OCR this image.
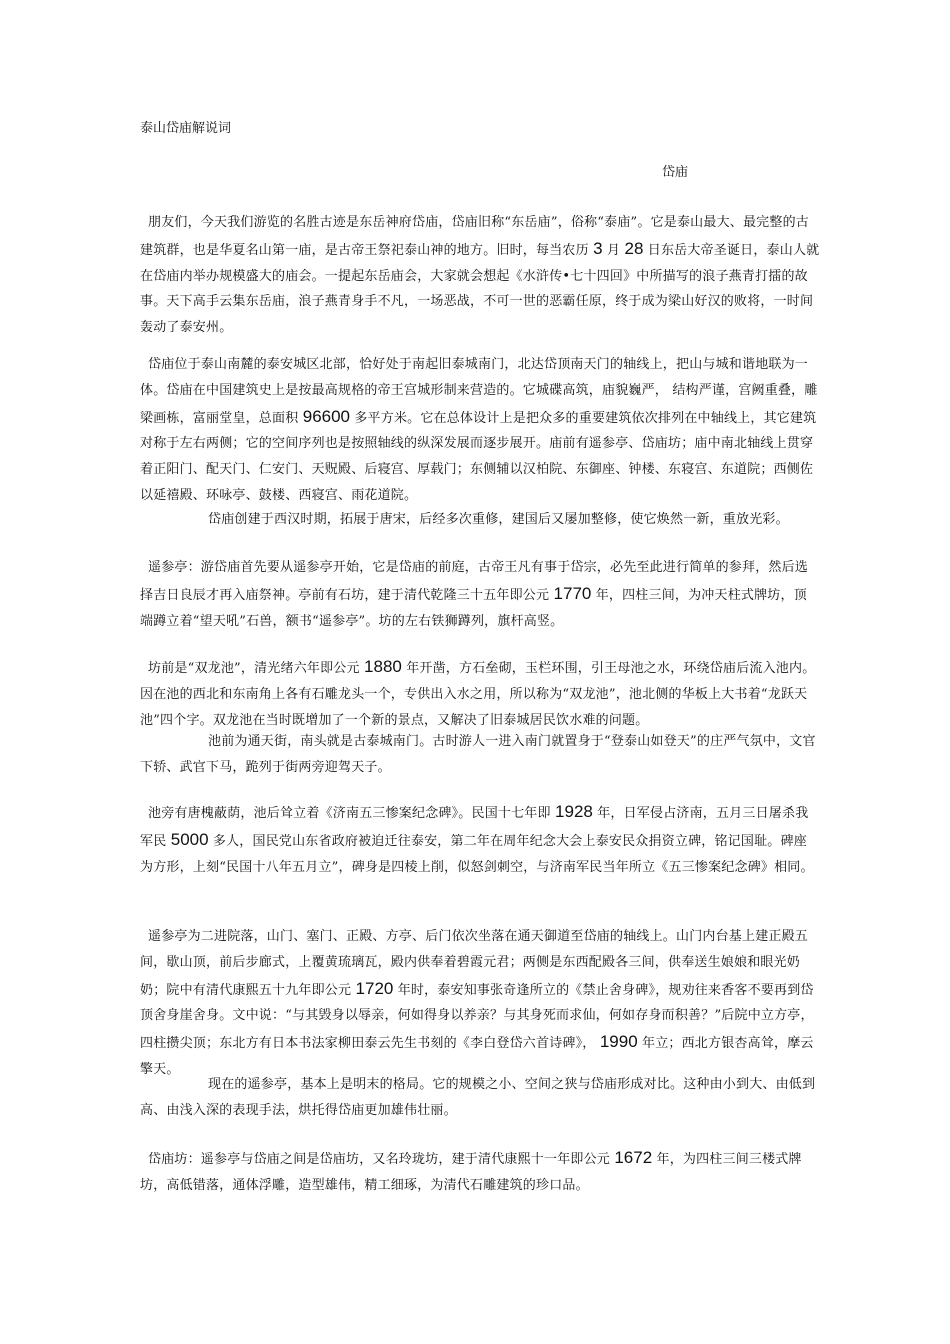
泰山岱庙解说词
岱庙

朋友们，今天我们游览的名胜古迹是东岳神府岱庙，岱庙旧称“东岳庙”，俗称“泰庙”。它是泰山最大、最完整的古建筑群，也是华夏名山第一庙，是古帝王祭祀泰山神的地方。旧时，每当农历 3 月 28 日东岳大帝圣诞日，泰山人就在岱庙内举办规模盛大的庙会。一提起东岳庙会，大家就会想起《水浒传•七十四回》中所描写的浪子燕青打擂的故事。天下高手云集东岳庙，浪子燕青身手不凡，一场恶战，不可一世的恶霸任原，终于成为梁山好汉的败将，一时间轰动了泰安州。

岱庙位于泰山南麓的泰安城区北部，恰好处于南起旧泰城南门，北达岱顶南天门的轴线上，把山与城和谐地联为一体。岱庙在中国建筑史上是按最高规格的帝王宫城形制来营造的。它城碟高筑，庙貌巍严， 结构严谨，宫阙重叠，雕梁画栋，富丽堂皇，总面积 96600 多平方米。它在总体设计上是把众多的重要建筑依次排列在中轴线上，其它建筑对称于左右两侧；它的空间序列也是按照轴线的纵深发展而逐步展开。庙前有遥参亭、岱庙坊；庙中南北轴线上贯穿着正阳门、配天门、仁安门、天贶殿、后寝宫、厚载门；东侧辅以汉柏院、东御座、钟楼、东寝宫、东道院；西侧佐以延禧殿、环咏亭、鼓楼、西寝宫、雨花道院。

岱庙创建于西汉时期，拓展于唐宋，后经多次重修，建国后又屡加整修，使它焕然一新，重放光彩。

遥参亭：游岱庙首先要从遥参亭开始，它是岱庙的前庭，古帝王凡有事于岱宗，必先至此进行简单的参拜，然后选择吉日良辰才再入庙祭神。亭前有石坊，建于清代乾隆三十五年即公元 1770 年，四柱三间，为冲天柱式牌坊，顶端蹲立着“望天吼”石兽，额书“遥参亭”。坊的左右铁狮蹲列，旗杆高竖。

坊前是“双龙池”，清光绪六年即公元 1880 年开凿，方石垒砌，玉栏环围，引王母池之水，环绕岱庙后流入池内。因在池的西北和东南角上各有石雕龙头一个，专供出入水之用，所以称为“双龙池”，池北侧的华板上大书着“龙跃天池”四个字。双龙池在当时既增加了一个新的景点，又解决了旧泰城居民饮水难的问题。

池前为通天街，南头就是古泰城南门。古时游人一进入南门就置身于“登泰山如登天”的庄严气氛中，文官下轿、武官下马，跪列于街两旁迎驾天子。

池旁有唐槐蔽荫，池后耸立着《济南五三惨案纪念碑》。民国十七年即 1928 年，日军侵占济南，五月三日屠杀我军民 5000 多人，国民党山东省政府被迫迁往泰安，第二年在周年纪念大会上泰安民众捐资立碑，铭记国耻。碑座为方形，上刻“民国十八年五月立”，碑身是四棱上削，似怒剑刺空，与济南军民当年所立《五三惨案纪念碑》相同。

遥参亭为二进院落，山门、塞门、正殿、方亭、后门依次坐落在通天御道至岱庙的轴线上。山门内台基上建正殿五间，歇山顶，前后步廊式，上覆黄琉璃瓦，殿内供奉着碧霞元君；两侧是东西配殿各三间，供奉送生娘娘和眼光奶奶；院中有清代康熙五十九年即公元 1720 年时，泰安知事张奇逢所立的《禁止舍身碑》，规劝往来香客不要再到岱顶舍身崖舍身。文中说：“与其毁身以辱亲，何如得身以养亲？与其身死而求仙，何如存身而积善？”后院中立方亭，四柱攒尖顶；东北方有日本书法家柳田泰云先生书刻的《李白登岱六首诗碑》， 1990 年立；西北方银杏高耸，摩云擎天。

现在的遥参亭，基本上是明末的格局。它的规模之小、空间之狭与岱庙形成对比。这种由小到大、由低到高、由浅入深的表现手法，烘托得岱庙更加雄伟壮丽。

岱庙坊：遥参亭与岱庙之间是岱庙坊，又名玲珑坊，建于清代康熙十一年即公元 1672 年，为四柱三间三楼式牌坊，高低错落，通体浮雕，造型雄伟，精工细琢，为清代石雕建筑的珍口品。
